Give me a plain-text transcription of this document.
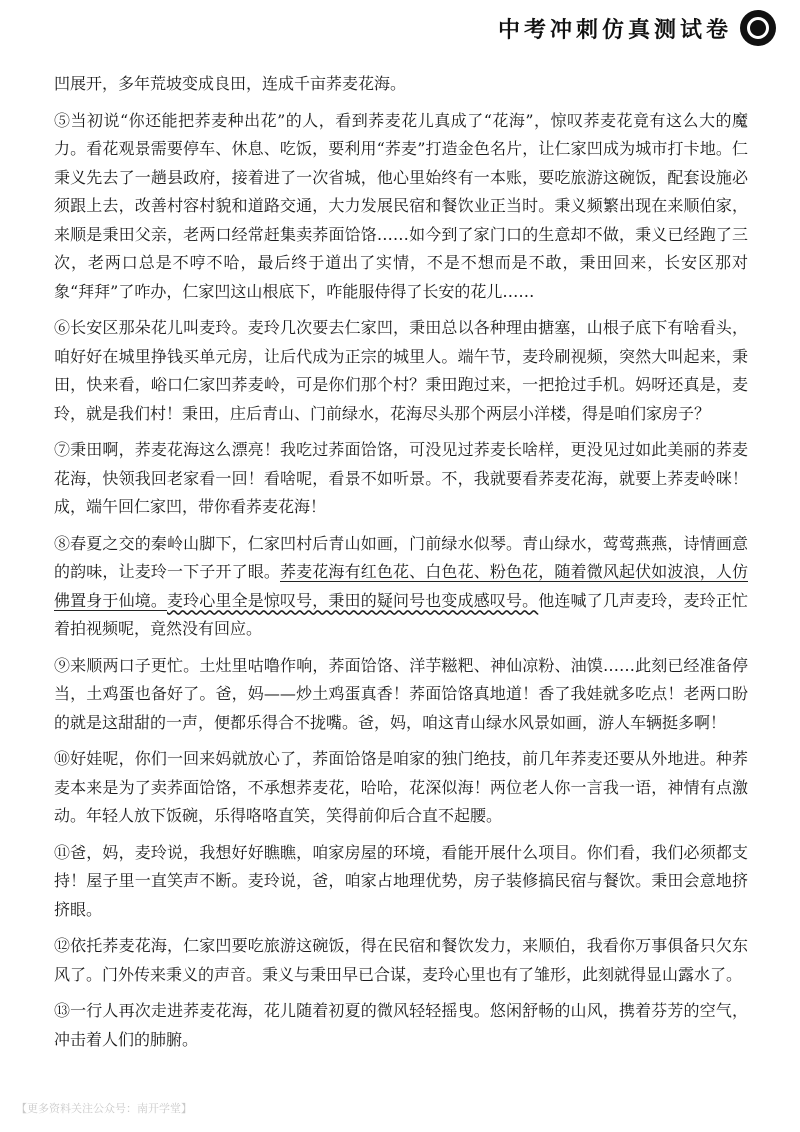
中考冲刺仿真测试卷

凹展开，多年荒坡变成良田，连成千亩荞麦花海。

⑤当初说“你还能把荞麦种出花”的人，看到荞麦花儿真成了“花海”，惊叹荞麦花竟有这么大的魔力。看花观景需要停车、休息、吃饭，要利用“荞麦”打造金色名片，让仁家凹成为城市打卡地。仁秉义先去了一趟县政府，接着进了一次省城，他心里始终有一本账，要吃旅游这碗饭，配套设施必须跟上去，改善村容村貌和道路交通，大力发展民宿和餐饮业正当时。秉义频繁出现在来顺伯家，来顺是秉田父亲，老两口经常赶集卖荞面饸饹……如今到了家门口的生意却不做，秉义已经跑了三次，老两口总是不哼不哈，最后终于道出了实情，不是不想而是不敢，秉田回来，长安区那对象“拜拜”了咋办，仁家凹这山根底下，咋能服侍得了长安的花儿……

⑥长安区那朵花儿叫麦玲。麦玲几次要去仁家凹，秉田总以各种理由搪塞，山根子底下有啥看头，咱好好在城里挣钱买单元房，让后代成为正宗的城里人。端午节，麦玲刷视频，突然大叫起来，秉田，快来看，峪口仁家凹荞麦岭，可是你们那个村？秉田跑过来，一把抢过手机。妈呀还真是，麦玲，就是我们村！秉田，庄后青山、门前绿水，花海尽头那个两层小洋楼，得是咱们家房子？

⑦秉田啊，荞麦花海这么漂亮！我吃过荞面饸饹，可没见过荞麦长啥样，更没见过如此美丽的荞麦花海，快领我回老家看一回！看啥呢，看景不如听景。不，我就要看荞麦花海，就要上荞麦岭咪！成，端午回仁家凹，带你看荞麦花海！

⑧春夏之交的秦岭山脚下，仁家凹村后青山如画，门前绿水似琴。青山绿水，莺莺燕燕，诗情画意的韵味，让麦玲一下子开了眼。荞麦花海有红色花、白色花、粉色花，随着微风起伏如波浪，人仿佛置身于仙境。麦玲心里全是惊叹号，秉田的疑问号也变成感叹号。他连喊了几声麦玲，麦玲正忙着拍视频呢，竟然没有回应。

⑨来顺两口子更忙。土灶里咕噜作响，荞面饸饹、洋芋糍粑、神仙凉粉、油馍……此刻已经准备停当，土鸡蛋也备好了。爸，妈——炒土鸡蛋真香！荞面饸饹真地道！香了我娃就多吃点！老两口盼的就是这甜甜的一声，便都乐得合不拢嘴。爸，妈，咱这青山绿水风景如画，游人车辆挺多啊！

⑩好娃呢，你们一回来妈就放心了，荞面饸饹是咱家的独门绝技，前几年荞麦还要从外地进。种荞麦本来是为了卖荞面饸饹，不承想荞麦花，哈哈，花深似海！两位老人你一言我一语，神情有点激动。年轻人放下饭碗，乐得咯咯直笑，笑得前仰后合直不起腰。

⑪爸，妈，麦玲说，我想好好瞧瞧，咱家房屋的环境，看能开展什么项目。你们看，我们必须都支持！屋子里一直笑声不断。麦玲说，爸，咱家占地理优势，房子装修搞民宿与餐饮。秉田会意地挤挤眼。

⑫依托荞麦花海，仁家凹要吃旅游这碗饭，得在民宿和餐饮发力，来顺伯，我看你万事俱备只欠东风了。门外传来秉义的声音。秉义与秉田早已合谋，麦玲心里也有了雏形，此刻就得显山露水了。

⑬一行人再次走进荞麦花海，花儿随着初夏的微风轻轻摇曳。悠闲舒畅的山风，携着芬芳的空气，冲击着人们的肺腑。

【更多资料关注公众号：南开学堂】
